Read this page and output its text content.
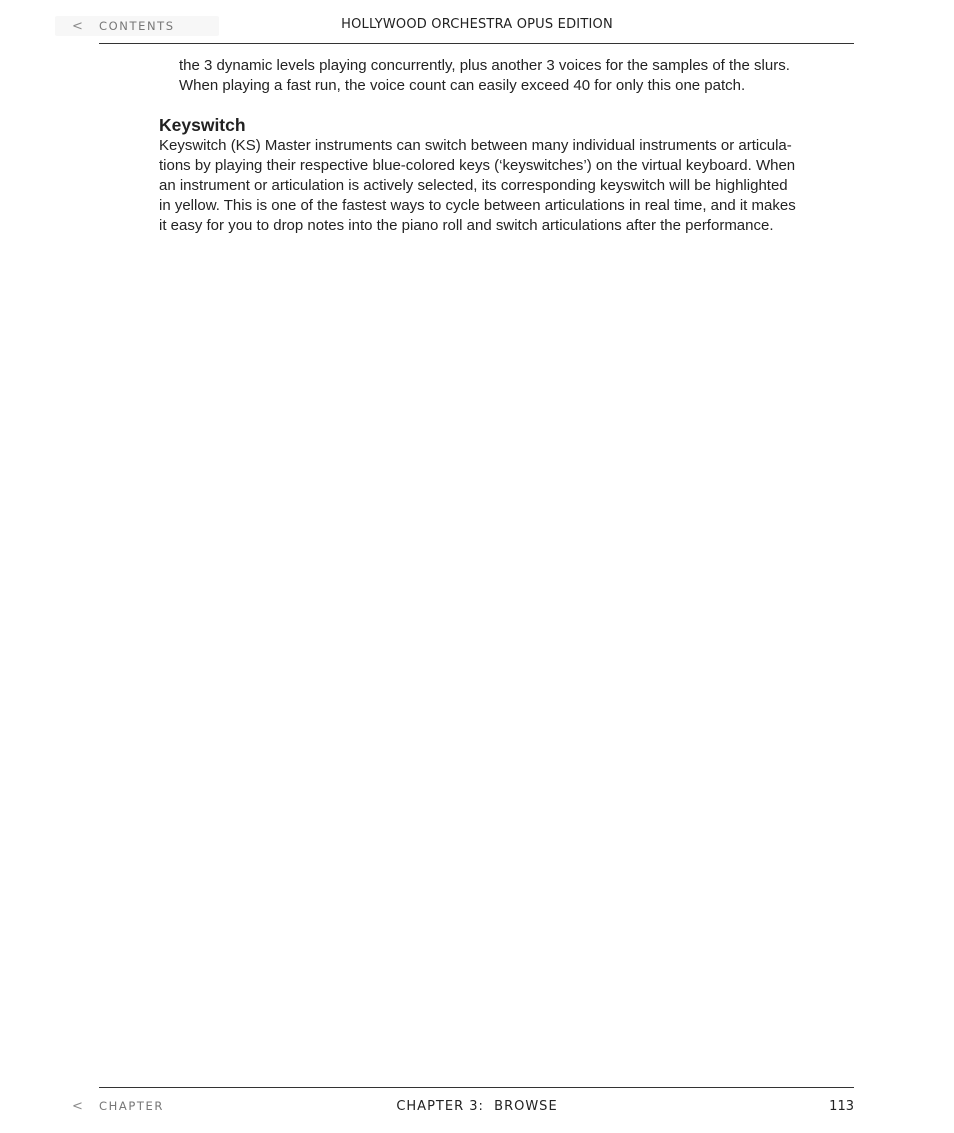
<	CONTENTS	HOLLYWOOD ORCHESTRA OPUS EDITION

the 3 dynamic levels playing concurrently, plus another 3 voices for the samples of the slurs.
When playing a fast run, the voice count can easily exceed 40 for only this one patch.

Keyswitch

Keyswitch (KS) Master instruments can switch between many individual instruments or articula-
tions by playing their respective blue-colored keys (‘keyswitches’) on the virtual keyboard. When
an instrument or articulation is actively selected, its corresponding keyswitch will be highlighted
in yellow. This is one of the fastest ways to cycle between articulations in real time, and it makes
it easy for you to drop notes into the piano roll and switch articulations after the performance.

<	CHAPTER	CHAPTER 3:  BROWSE	113
